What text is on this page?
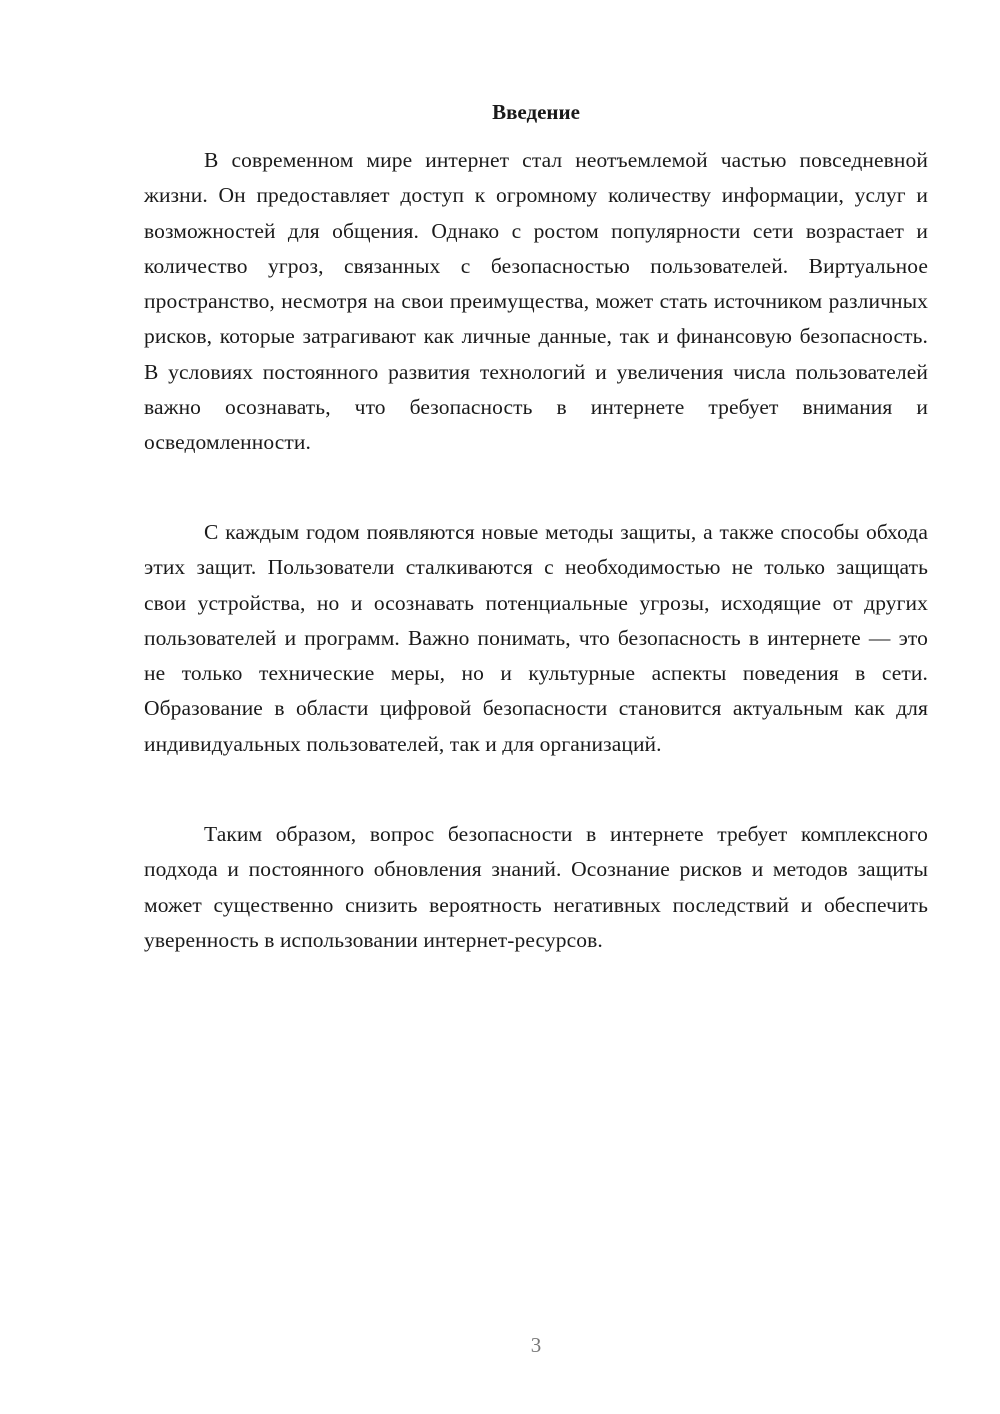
Введение

В современном мире интернет стал неотъемлемой частью повседневной жизни. Он предоставляет доступ к огромному количеству информации, услуг и возможностей для общения. Однако с ростом популярности сети возрастает и количество угроз, связанных с безопасностью пользователей. Виртуальное пространство, несмотря на свои преимущества, может стать источником различных рисков, которые затрагивают как личные данные, так и финансовую безопасность. В условиях постоянного развития технологий и увеличения числа пользователей важно осознавать, что безопасность в интернете требует внимания и осведомленности.

С каждым годом появляются новые методы защиты, а также способы обхода этих защит. Пользователи сталкиваются с необходимостью не только защищать свои устройства, но и осознавать потенциальные угрозы, исходящие от других пользователей и программ. Важно понимать, что безопасность в интернете — это не только технические меры, но и культурные аспекты поведения в сети. Образование в области цифровой безопасности становится актуальным как для индивидуальных пользователей, так и для организаций.

Таким образом, вопрос безопасности в интернете требует комплексного подхода и постоянного обновления знаний. Осознание рисков и методов защиты может существенно снизить вероятность негативных последствий и обеспечить уверенность в использовании интернет-ресурсов.

3
